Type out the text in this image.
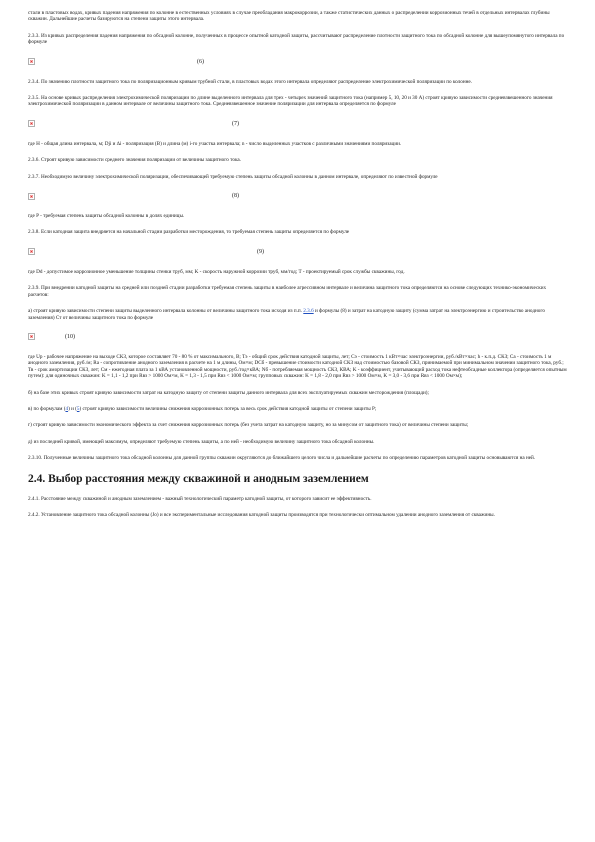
стали в пластовых водах, кривых падения напряжения по колонне в естественных условиях в случае преобладания макрокоррозии, а также статистических данных о распределении коррозионных течей в отдельных интервалах глубины скважин. Дальнейшие расчеты базируются на степени защиты этого интервала.

2.3.3. Из кривых распределения падения напряжения по обсадной колонне, полученных в процессе опытной катодной защиты, рассчитывают распределение плотности защитного тока по обсадной колонне для вышеупомянутого интервала по формуле

(6)

2.3.4. По значению плотности защитного тока по поляризационным кривым трубной стали, в пластовых водах этого интервала определяют распределение электрохимической поляризации по колонне.

2.3.5. На основе кривых распределения электрохимической поляризации по длине выделенного интервала для трех - четырех значений защитного тока (например 5, 10, 20 и 30 А) строят кривую зависимости средневзвешенного значения электрохимической поляризации в данном интервале от величины защитного тока. Средневзвешенное значение поляризации для интервала определяется по формуле

(7)

где H - общая длина интервала, м; Dji и ∆i - поляризация (В) и длина (м) i-го участка интервала; n - число выделенных участков с различными значениями поляризации.

2.3.6. Строят кривую зависимости среднего значения поляризации от величины защитного тока.

2.3.7. Необходимую величину электрохимической поляризации, обеспечивающей требуемую степень защиты обсадной колонны в данном интервале, определяют по известной формуле

(8)

где P - требуемая степень защиты обсадной колонны в долях единицы.

2.3.8. Если катодная защита внедряется на начальной стадии разработки месторождения, то требуемая степень защиты определяется по формуле

(9)

где Dd - допустимое коррозионное уменьшение толщины стенки труб, мм; K - скорость наружной коррозии труб, мм/год; T - проектируемый срок службы скважины, год.

2.3.9. При внедрении катодной защиты на средней или поздней стадии разработки требуемая степень защиты в наиболее агрессивном интервале и величина защитного тока определяются на основе следующих технико-экономических расчетов:

а) строят кривую зависимости степени защиты выделенного интервала колонны от величины защитного тока исходя из п.п. 2.3.6 и формулы (8) и затрат на катодную защиту (сумма затрат на электроэнергию и строительство анодного заземления) Ст от величины защитного тока по формуле

(10)

где Up - рабочее напряжение на выходе СКЗ, которое составляет 70 - 80 % от максимального, В; Тэ - общий срок действия катодной защиты, лет; Cэ - стоимость 1 кВт×час электроэнергии, руб./кВт×час; h - к.п.д. СКЗ; Са - стоимость 1 м анодного заземления, руб./м; Ra - сопротивление анодного заземления в расчете на 1 м длины, Ом×м; DCб - превышение стоимости катодной СКЗ над стоимостью базовой СКЗ, принимаемой при минимальном значении защитного тока, руб.; Тв - срок амортизации СКЗ, лет; См - ежегодная плата за 1 кВА установленной мощности, руб./год×кВА; Nб - потребляемая мощность СКЗ, КВА; K - коэффициент, учитывающий расход тока нефтеобсадные коллектора (определяется опытным путем): для одиночных скважин: K = 1,1 - 1,2 при Rвз > 1000 Ом×м, K = 1,3 - 1,5 при Rвз < 1000 Ом×м; групповых скважин: K = 1,8 - 2,0 при Rвз > 1000 Ом×м, K = 3,0 - 3,6 при Rвз < 1000 Ом×м);

б) на базе этих кривых строят кривую зависимости затрат на катодную защиту от степени защиты данного интервала для всех эксплуатируемых скважин месторождения (площади);

в) по формулам (4) и (5) строят кривую зависимости величины снижения коррозионных потерь за весь срок действия катодной защиты от степени защиты P;

г) строят кривую зависимости экономического эффекта за счет снижения коррозионных потерь (без учета затрат на катодную защиту, но за минусом от защитного тока) от величины степени защиты;

д) из последней кривой, имеющей максимум, определяют требуемую степень защиты, а по ней - необходимую величину защитного тока обсадной колонны.

2.3.10. Полученные величины защитного тока обсадной колонны для данной группы скважин округляются до ближайшего целого числа и дальнейшие расчеты по определению параметров катодной защиты основываются на ней.

2.4. Выбор расстояния между скважиной и анодным заземлением

2.4.1. Расстояние между скважиной и анодным заземлением - важный технологический параметр катодной защиты, от которого зависит ее эффективность.

2.4.2. Установление защитного тока обсадной колонны (Jo) и все экспериментальные исследования катодной защиты производятся при технологически оптимальном удалении анодного заземления от скважины.
